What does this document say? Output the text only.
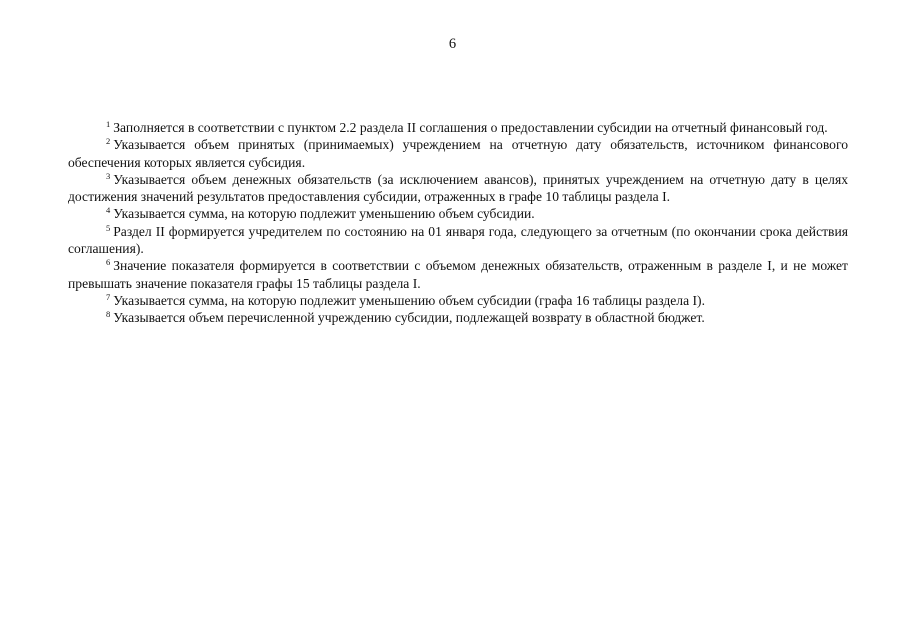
6

$^1$ Заполняется в соответствии с пунктом 2.2 раздела II соглашения о предоставлении субсидии на отчетный финансовый год.

$^2$ Указывается объем принятых (принимаемых) учреждением на отчетную дату обязательств, источником финансового обеспечения которых является субсидия.

$^3$ Указывается объем денежных обязательств (за исключением авансов), принятых учреждением на отчетную дату в целях достижения значений результатов предоставления субсидии, отраженных в графе 10 таблицы раздела I.

$^4$ Указывается сумма, на которую подлежит уменьшению объем субсидии.

$^5$ Раздел II формируется учредителем по состоянию на 01 января года, следующего за отчетным (по окончании срока действия соглашения).

$^6$ Значение показателя формируется в соответствии с объемом денежных обязательств, отраженным в разделе I, и не может превышать значение показателя графы 15 таблицы раздела I.

$^7$ Указывается сумма, на которую подлежит уменьшению объем субсидии (графа 16 таблицы раздела I).

$^8$ Указывается объем перечисленной учреждению субсидии, подлежащей возврату в областной бюджет.
